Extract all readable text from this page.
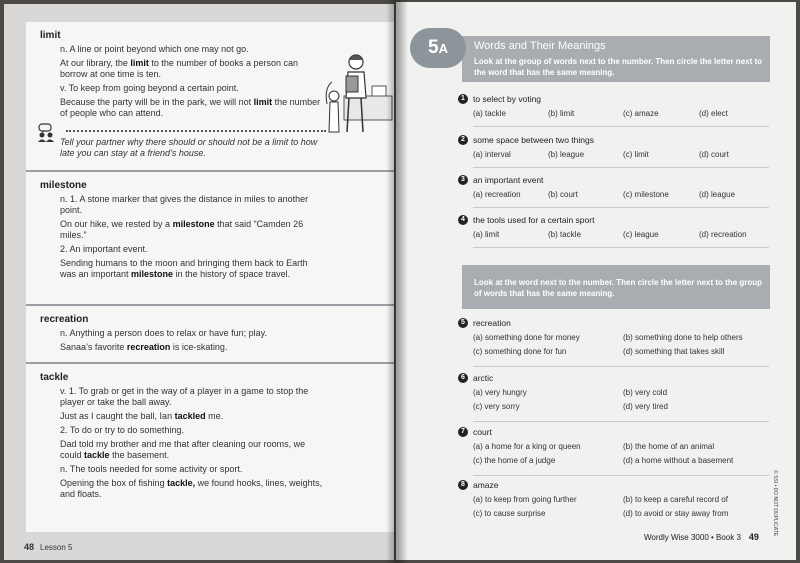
limit

n. A line or point beyond which one may not go.

At our library, the limit to the number of books a person can borrow at one time is ten.

v. To keep from going beyond a certain point.

Because the party will be in the park, we will not limit the number of people who can attend.

Tell your partner why there should or should not be a limit to how late you can stay at a friend’s house.

milestone

n. 1. A stone marker that gives the distance in miles to another point.

On our hike, we rested by a milestone that said “Camden 26 miles.”

2. An important event.

Sending humans to the moon and bringing them back to Earth was an important milestone in the history of space travel.

recreation

n. Anything a person does to relax or have fun; play.

Sanaa’s favorite recreation is ice-skating.

tackle

v. 1. To grab or get in the way of a player in a game to stop the player or take the ball away.

Just as I caught the ball, Ian tackled me.

2. To do or try to do something.

Dad told my brother and me that after cleaning our rooms, we could tackle the basement.

n. The tools needed for some activity or sport.

Opening the box of fishing tackle, we found hooks, lines, weights, and floats.

48 Lesson 5
Words and Their Meanings
Look at the group of words next to the number. Then circle the letter next to the word that has the same meaning.
5A
1 to select by voting
(a) tackle	(b) limit	(c) amaze	(d) elect
2 some space between two things
(a) interval	(b) league	(c) limit	(d) court
3 an important event
(a) recreation	(b) court	(c) milestone	(d) league
4 the tools used for a certain sport
(a) limit	(b) tackle	(c) league	(d) recreation
Look at the word next to the number. Then circle the letter next to the group of words that has the same meaning.
5 recreation
(a) something done for money	(b) something done to help others
(c) something done for fun	(d) something that takes skill
6 arctic
(a) very hungry	(b) very cold
(c) very sorry	(d) very tired
7 court
(a) a home for a king or queen	(b) the home of an animal
(c) the home of a judge	(d) a home without a basement
8 amaze
(a) to keep from going further	(b) to keep a careful record of
(c) to cause surprise	(d) to avoid or stay away from	© SSI • DO NOT DUPLICATE
Wordly Wise 3000 • Book 3 49
